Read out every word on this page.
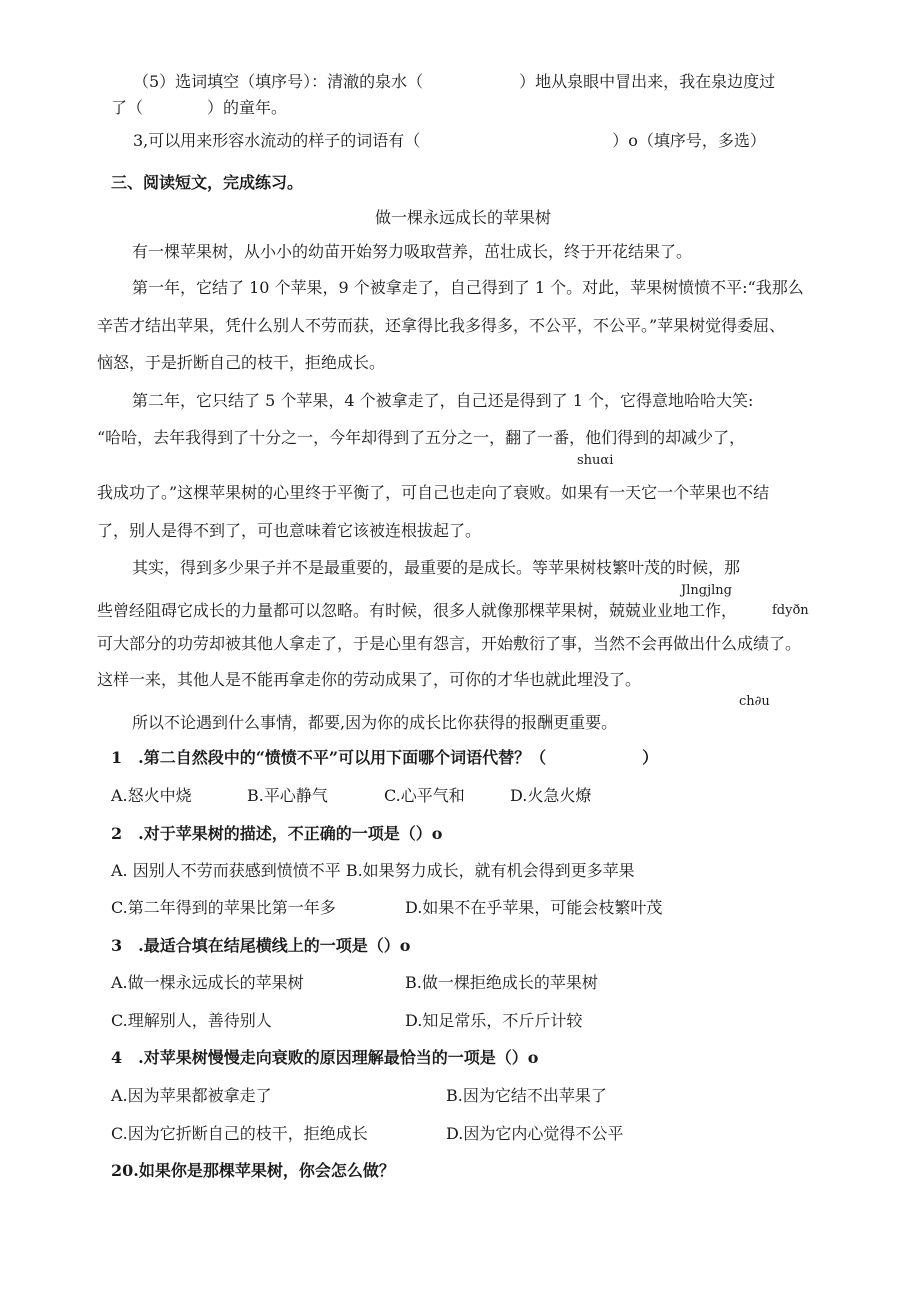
（5）选词填空（填序号）：清澈的泉水（　　　　　　）地从泉眼中冒出来，我在泉边度过
了（　　　　）的童年。
3,可以用来形容水流动的样子的词语有（　　　　　　　　　　　　）o（填序号，多选）
三、阅读短文，完成练习。
做一棵永远成长的苹果树
有一棵苹果树，从小小的幼苗开始努力吸取营养，茁壮成长，终于开花结果了。
第一年，它结了 10 个苹果，9 个被拿走了，自己得到了 1 个。对此，苹果树愤愤不平:“我那么
辛苦才结出苹果，凭什么别人不劳而获，还拿得比我多得多，不公平，不公平。”苹果树觉得委屈、
恼怒，于是折断自己的枝干，拒绝成长。
第二年，它只结了 5 个苹果，4 个被拿走了，自己还是得到了 1 个，它得意地哈哈大笑:
“哈哈，去年我得到了十分之一，今年却得到了五分之一，翻了一番，他们得到的却减少了，
shuαi
我成功了。”这棵苹果树的心里终于平衡了，可自己也走向了衰败。如果有一天它一个苹果也不结
了，别人是得不到了，可也意味着它该被连根拔起了。
其实，得到多少果子并不是最重要的，最重要的是成长。等苹果树枝繁叶茂的时候，那
Jlngjlng
些曾经阻碍它成长的力量都可以忽略。有时候，很多人就像那棵苹果树，兢兢业业地工作，	fdyðn
可大部分的功劳却被其他人拿走了，于是心里有怨言，开始敷衍了事，当然不会再做出什么成绩了。
这样一来，其他人是不能再拿走你的劳动成果了，可你的才华也就此埋没了。
ch∂u
所以不论遇到什么事情，都要,因为你的成长比你获得的报酬更重要。
1　.第二自然段中的“愤愤不平”可以用下面哪个词语代替？（　　　　　　）
A.怒火中烧	B.平心静气	C.心平气和	D.火急火燎
2　.对于苹果树的描述，不正确的一项是（）o
A. 因别人不劳而获感到愤愤不平 B.如果努力成长，就有机会得到更多苹果
C.第二年得到的苹果比第一年多	D.如果不在乎苹果，可能会枝繁叶茂
3　.最适合填在结尾横线上的一项是（）o
A.做一棵永远成长的苹果树	B.做一棵拒绝成长的苹果树
C.理解别人，善待别人	D.知足常乐，不斤斤计较
4　.对苹果树慢慢走向衰败的原因理解最恰当的一项是（）o
A.因为苹果都被拿走了	B.因为它结不出苹果了
C.因为它折断自己的枝干，拒绝成长	D.因为它内心觉得不公平
20.如果你是那棵苹果树，你会怎么做？
